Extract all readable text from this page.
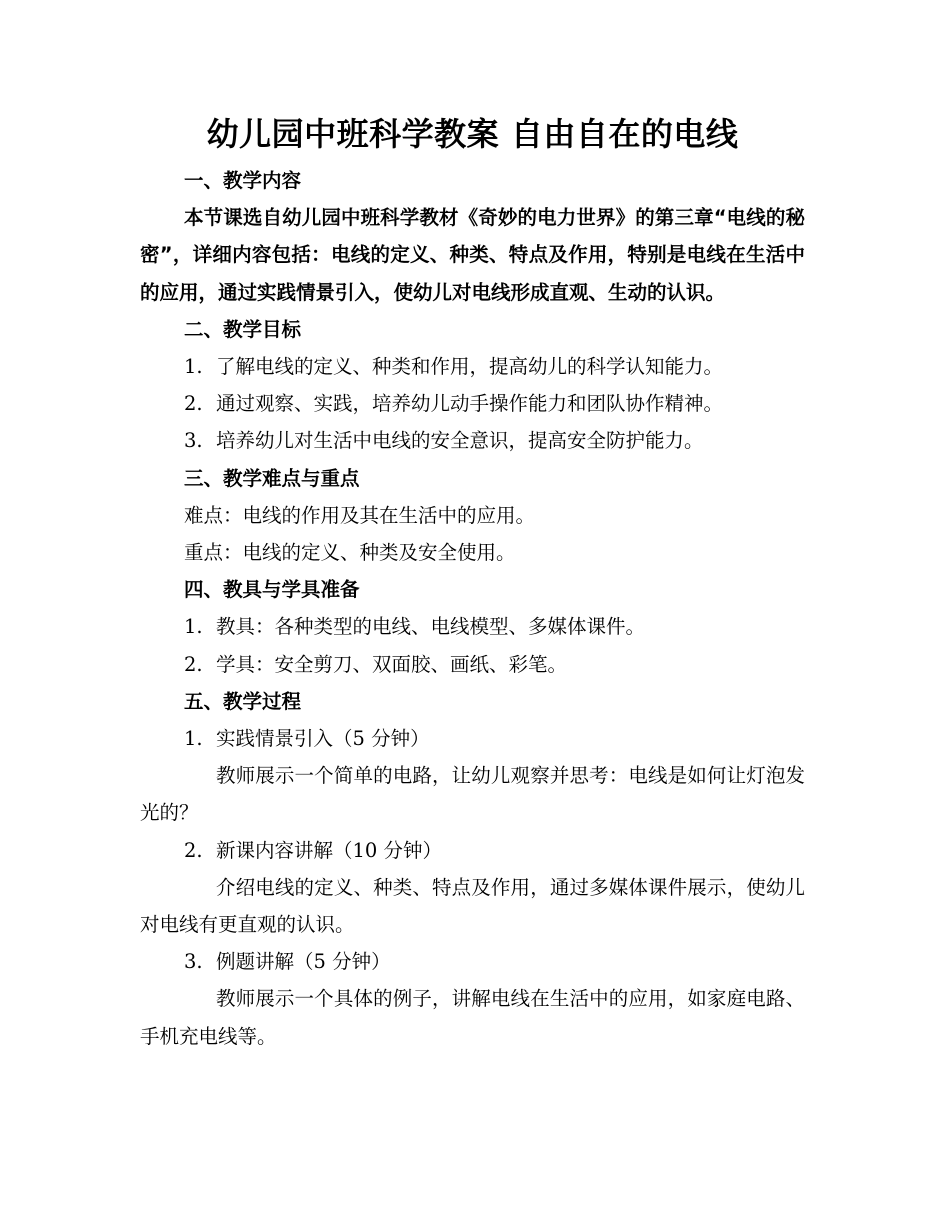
幼儿园中班科学教案 自由自在的电线

一、教学内容

本节课选自幼儿园中班科学教材《奇妙的电力世界》的第三章“电线的秘密”，详细内容包括：电线的定义、种类、特点及作用，特别是电线在生活中的应用，通过实践情景引入，使幼儿对电线形成直观、生动的认识。

二、教学目标

1. 了解电线的定义、种类和作用，提高幼儿的科学认知能力。

2. 通过观察、实践，培养幼儿动手操作能力和团队协作精神。

3. 培养幼儿对生活中电线的安全意识，提高安全防护能力。

三、教学难点与重点

难点：电线的作用及其在生活中的应用。

重点：电线的定义、种类及安全使用。

四、教具与学具准备

1. 教具：各种类型的电线、电线模型、多媒体课件。

2. 学具：安全剪刀、双面胶、画纸、彩笔。

五、教学过程

1. 实践情景引入（5 分钟）

教师展示一个简单的电路，让幼儿观察并思考：电线是如何让灯泡发光的？

2. 新课内容讲解（10 分钟）

介绍电线的定义、种类、特点及作用，通过多媒体课件展示，使幼儿对电线有更直观的认识。

3. 例题讲解（5 分钟）

教师展示一个具体的例子，讲解电线在生活中的应用，如家庭电路、手机充电线等。
